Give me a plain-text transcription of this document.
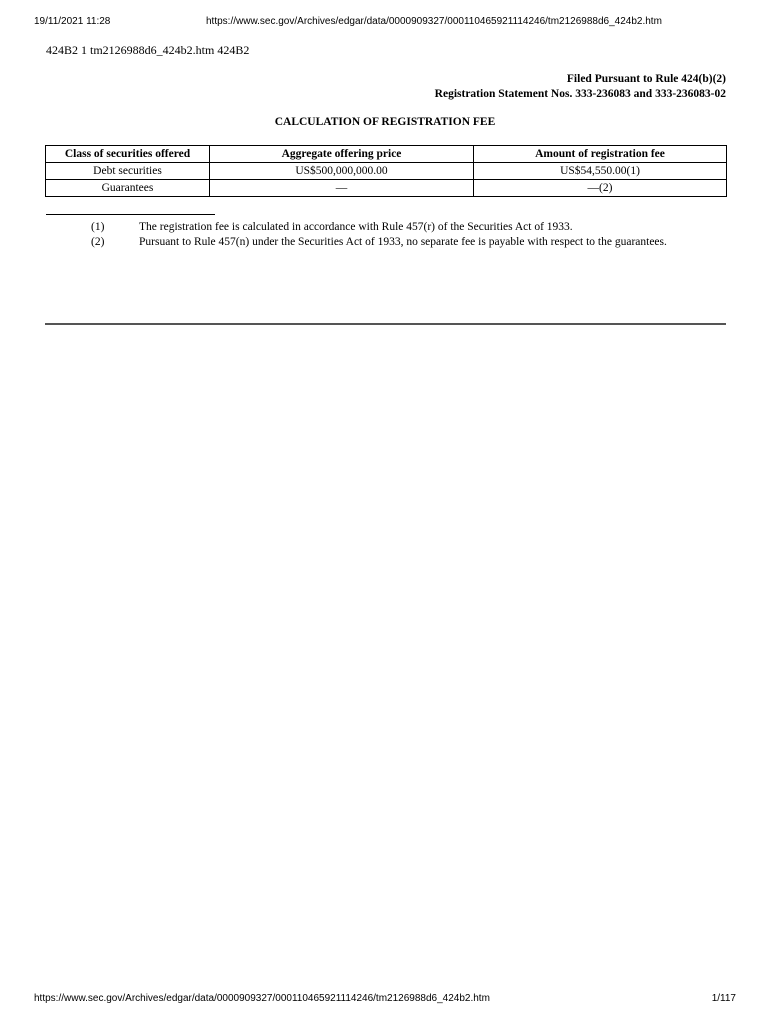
19/11/2021 11:28	https://www.sec.gov/Archives/edgar/data/0000909327/000110465921114246/tm2126988d6_424b2.htm
424B2 1 tm2126988d6_424b2.htm 424B2
Filed Pursuant to Rule 424(b)(2)
Registration Statement Nos. 333-236083 and 333-236083-02
CALCULATION OF REGISTRATION FEE
Class of securities offered	Aggregate offering price	Amount of registration fee
Debt securities	US$500,000,000.00	US$54,550.00(1)
Guarantees	—	—(2)
(1)	The registration fee is calculated in accordance with Rule 457(r) of the Securities Act of 1933.
(2)	Pursuant to Rule 457(n) under the Securities Act of 1933, no separate fee is payable with respect to the guarantees.
https://www.sec.gov/Archives/edgar/data/0000909327/000110465921114246/tm2126988d6_424b2.htm	1/117
